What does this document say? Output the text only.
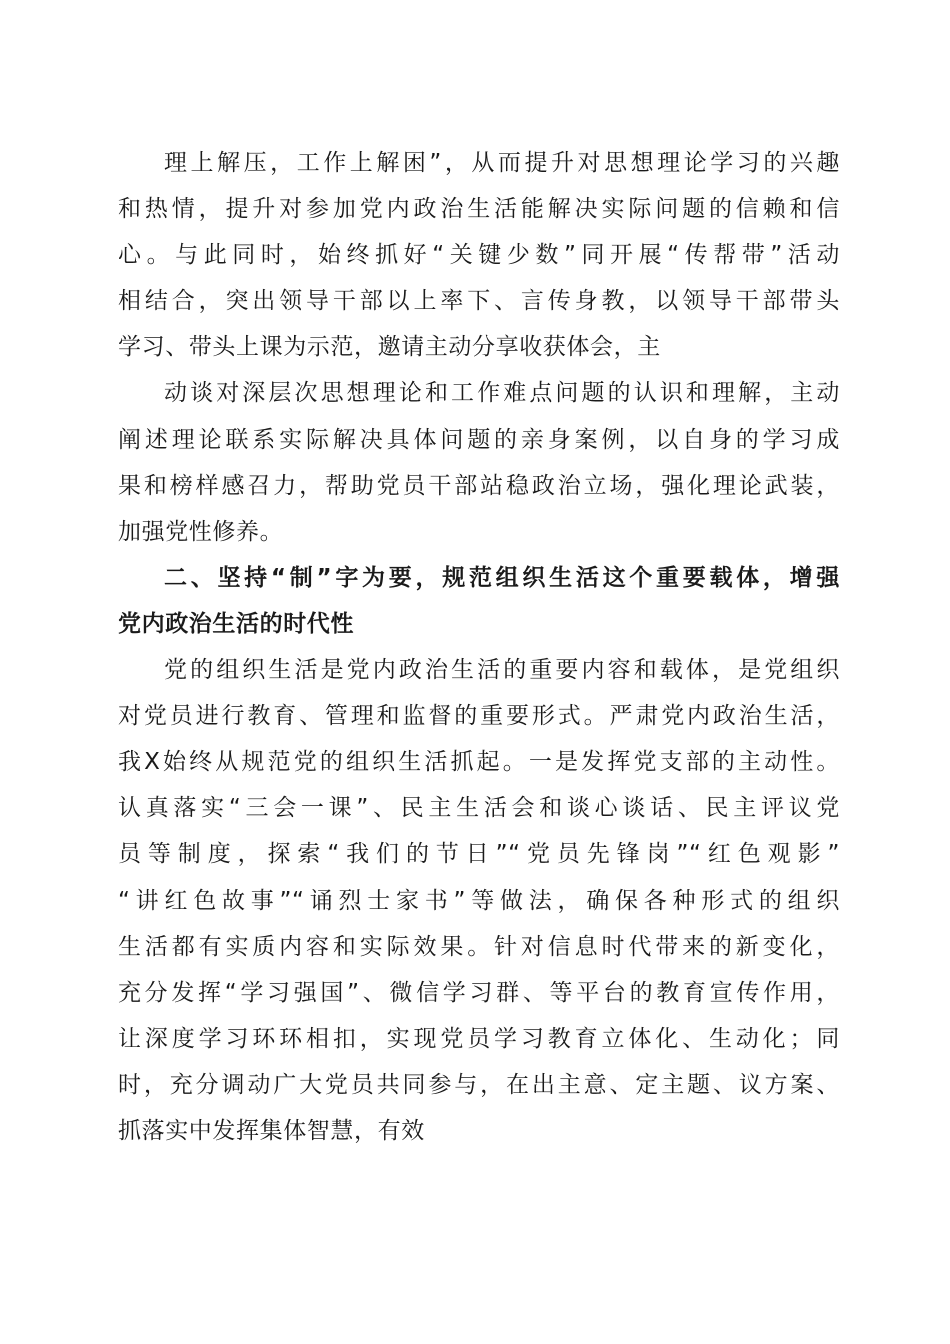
理上解压，工作上解困”，从而提升对思想理论学习的兴趣
和热情，提升对参加党内政治生活能解决实际问题的信赖和信
心。与此同时，始终抓好“关键少数”同开展“传帮带”活动
相结合，突出领导干部以上率下、言传身教，以领导干部带头
学习、带头上课为示范，邀请主动分享收获体会，主
动谈对深层次思想理论和工作难点问题的认识和理解，主动
阐述理论联系实际解决具体问题的亲身案例，以自身的学习成
果和榜样感召力，帮助党员干部站稳政治立场，强化理论武装，
加强党性修养。
二、坚持“制”字为要，规范组织生活这个重要载体，增强
党内政治生活的时代性
党的组织生活是党内政治生活的重要内容和载体，是党组织
对党员进行教育、管理和监督的重要形式。严肃党内政治生活，
我X始终从规范党的组织生活抓起。一是发挥党支部的主动性。
认真落实“三会一课”、民主生活会和谈心谈话、民主评议党
员等制度，探索“我们的节日”“党员先锋岗”“红色观影”
“讲红色故事”“诵烈士家书”等做法，确保各种形式的组织
生活都有实质内容和实际效果。针对信息时代带来的新变化，
充分发挥“学习强国”、微信学习群、等平台的教育宣传作用，
让深度学习环环相扣，实现党员学习教育立体化、生动化；同
时，充分调动广大党员共同参与，在出主意、定主题、议方案、
抓落实中发挥集体智慧，有效
